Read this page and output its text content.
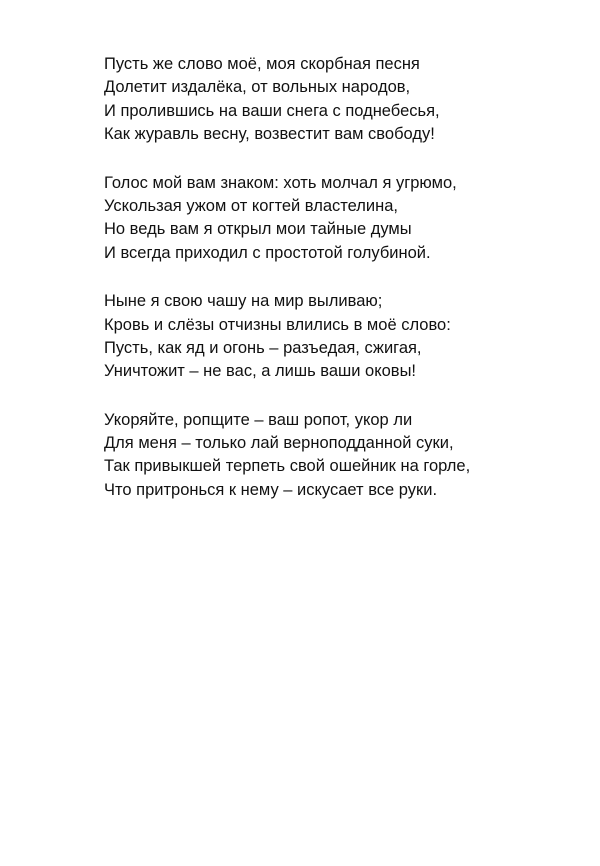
Пусть же слово моё, моя скорбная песня
Долетит издалёка, от вольных народов,
И пролившись на ваши снега с поднебесья,
Как журавль весну, возвестит вам свободу!
Голос мой вам знаком: хоть молчал я угрюмо,
Ускользая ужом от когтей властелина,
Но ведь вам я открыл мои тайные думы
И всегда приходил с простотой голубиной.
Ныне я свою чашу на мир выливаю;
Кровь и слёзы отчизны влились в моё слово:
Пусть, как яд и огонь – разъедая, сжигая,
Уничтожит – не вас, а лишь ваши оковы!
Укоряйте, ропщите – ваш ропот, укор ли
Для меня – только лай верноподданной суки,
Так привыкшей терпеть свой ошейник на горле,
Что притронься к нему – искусает все руки.
